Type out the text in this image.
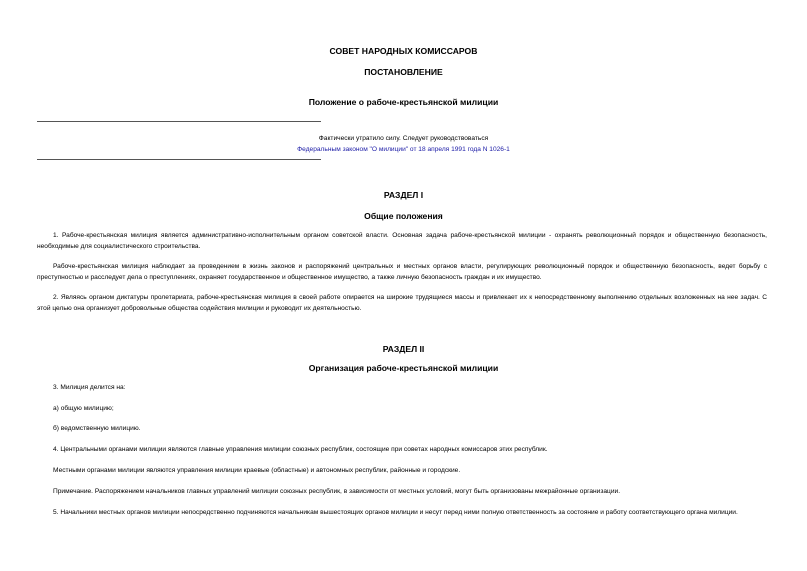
СОВЕТ НАРОДНЫХ КОМИССАРОВ

ПОСТАНОВЛЕНИЕ

Положение о рабоче-крестьянской милиции

Фактически утратило силу. Следует руководствоваться

Федеральным законом "О милиции" от 18 апреля 1991 года N 1026-1

РАЗДЕЛ I

Общие положения

1. Рабоче-крестьянская милиция является административно-исполнительным органом советской власти. Основная задача рабоче-крестьянской милиции - охранять революционный порядок и общественную безопасность, необходимые для социалистического строительства.

Рабоче-крестьянская милиция наблюдает за проведением в жизнь законов и распоряжений центральных и местных органов власти, регулирующих революционный порядок и общественную безопасность, ведет борьбу с преступностью и расследует дела о преступлениях, охраняет государственное и общественное имущество, а также личную безопасность граждан и их имущество.

2. Являясь органом диктатуры пролетариата, рабоче-крестьянская милиция в своей работе опирается на широкие трудящиеся массы и привлекает их к непосредственному выполнению отдельных возложенных на нее задач. С этой целью она организует добровольные общества содействия милиции и руководит их деятельностью.

РАЗДЕЛ II

Организация рабоче-крестьянской милиции

3. Милиция делится на:

а) общую милицию;

б) ведомственную милицию.

4. Центральными органами милиции являются главные управления милиции союзных республик, состоящие при советах народных комиссаров этих республик.

Местными органами милиции являются управления милиции краевые (областные) и автономных республик, районные и городские.

Примечание. Распоряжением начальников главных управлений милиции союзных республик, в зависимости от местных условий, могут быть организованы межрайонные организации.

5. Начальники местных органов милиции непосредственно подчиняются начальникам вышестоящих органов милиции и несут перед ними полную ответственность за состояние и работу соответствующего органа милиции.
